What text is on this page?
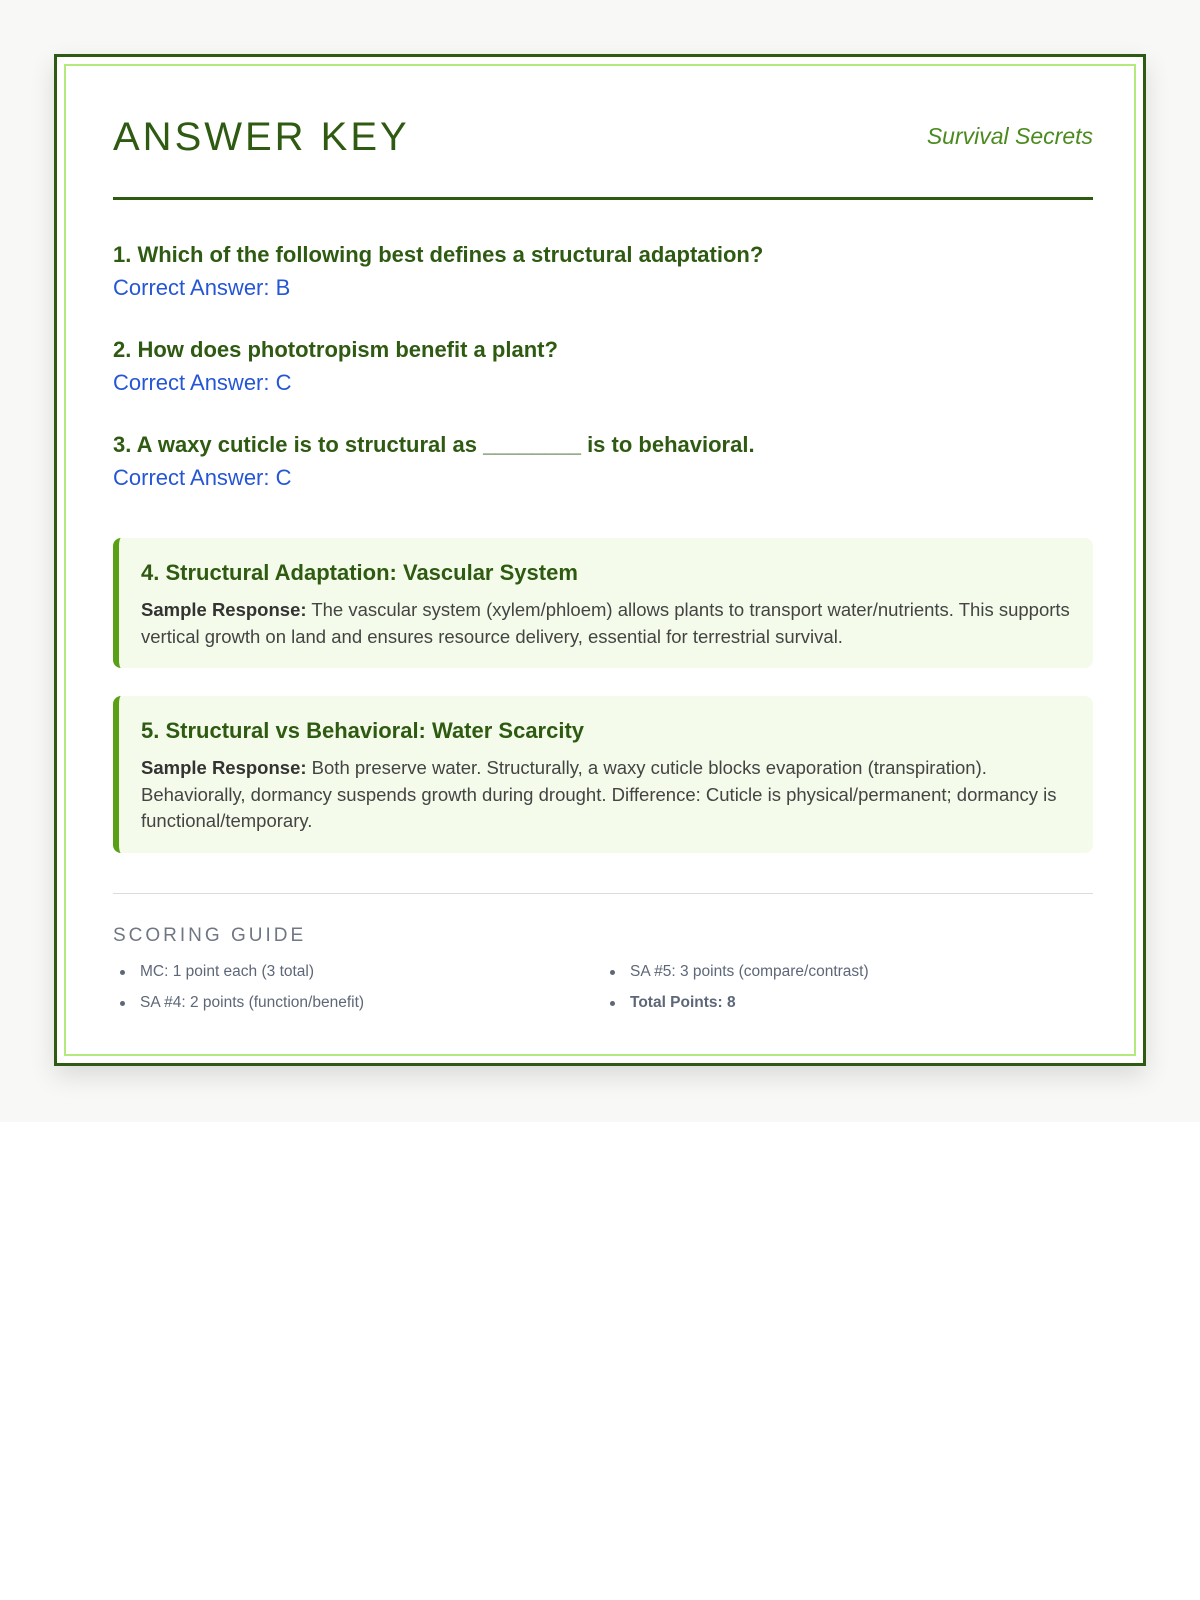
ANSWER KEY	Survival Secrets
1. Which of the following best defines a structural adaptation?
Correct Answer: B
2. How does phototropism benefit a plant?
Correct Answer: C
3. A waxy cuticle is to structural as ________ is to behavioral.
Correct Answer: C
4. Structural Adaptation: Vascular System
Sample Response: The vascular system (xylem/phloem) allows plants to transport water/nutrients. This supports vertical growth on land and ensures resource delivery, essential for terrestrial survival.
5. Structural vs Behavioral: Water Scarcity
Sample Response: Both preserve water. Structurally, a waxy cuticle blocks evaporation (transpiration). Behaviorally, dormancy suspends growth during drought. Difference: Cuticle is physical/permanent; dormancy is functional/temporary.
SCORING GUIDE
MC: 1 point each (3 total)
SA #4: 2 points (function/benefit)
SA #5: 3 points (compare/contrast)
Total Points: 8
